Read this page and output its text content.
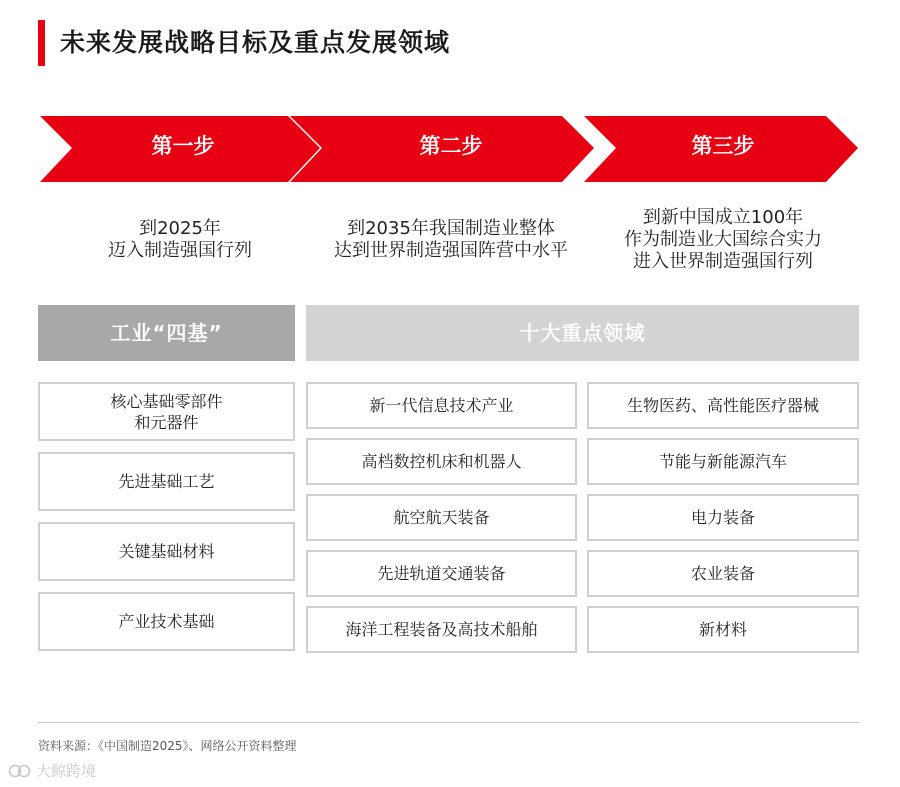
未来发展战略目标及重点发展领域
第一步	第二步	第三步
到2025年
迈入制造强国行列
到2035年我国制造业整体
达到世界制造强国阵营中水平
到新中国成立100年
作为制造业大国综合实力
进入世界制造强国行列
工业“四基”	十大重点领域
核心基础零部件
和元器件
先进基础工艺
关键基础材料
产业技术基础
新一代信息技术产业
高档数控机床和机器人
航空航天装备
先进轨道交通装备
海洋工程装备及高技术船舶
生物医药、高性能医疗器械
节能与新能源汽车
电力装备
农业装备
新材料
资料来源：《中国制造2025》、网络公开资料整理
大鲸跨境
